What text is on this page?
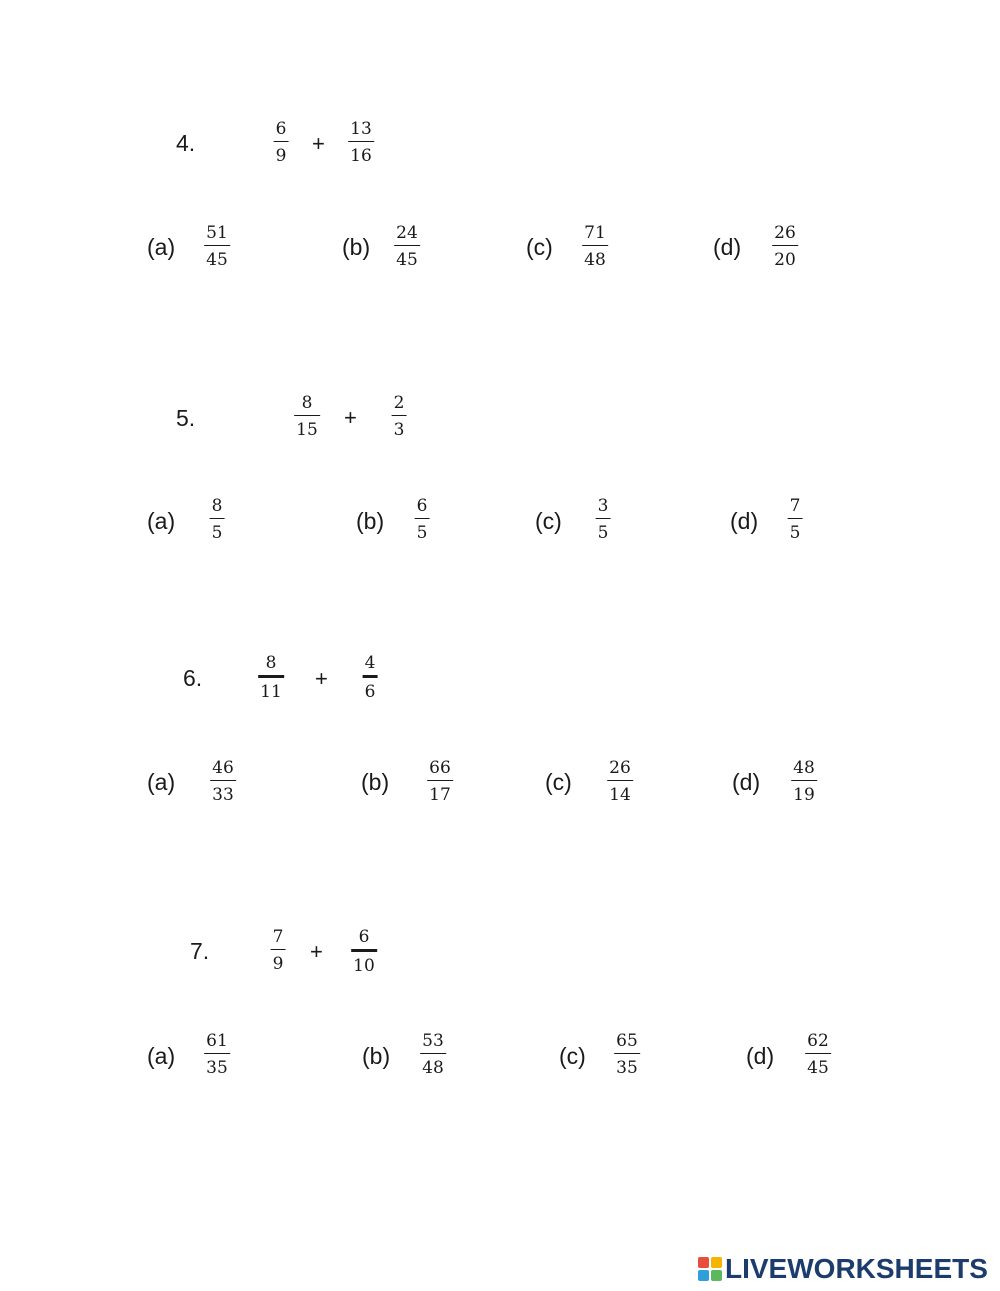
4.
6
9
+
13
16
(a)
51
45
(b)
24
45
(c)
71
48
(d)
26
20
5.
8
15
+
2
3
(a)
8
5	(b)
6
5	(c)
3
5	(d)
7
5
6.
8
11
+
4
6
(a)
46
33
(b)
66
17
(c)
26
14
(d)
48
19
7.
7
9
+
6
10
(a)
61
35	(b)
53
48	(c)
65
35	(d)
62
45
LIVEWORKSHEETS
